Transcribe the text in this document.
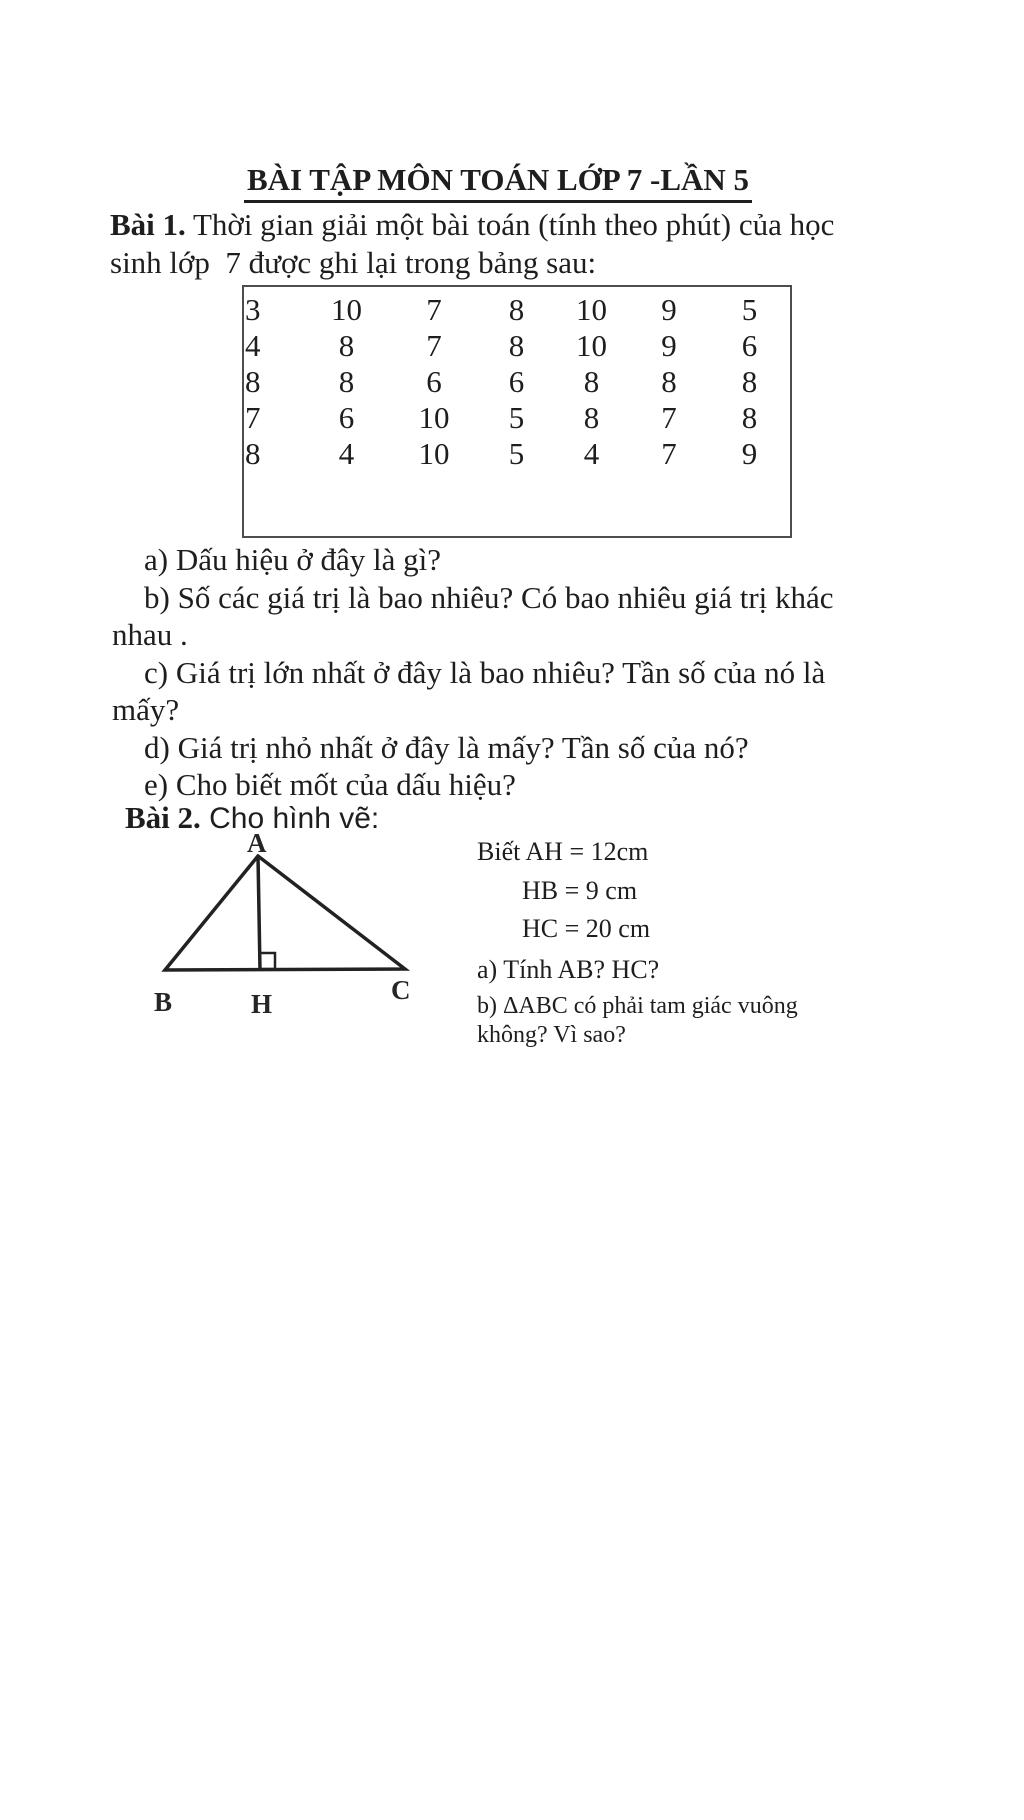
BÀI TẬP MÔN TOÁN LỚP 7 -LẦN 5
Bài 1. Thời gian giải một bài toán (tính theo phút) của học
sinh lớp  7 được ghi lại trong bảng sau:
3	10	7	8	10	9	5
4	8	7	8	10	9	6
8	8	6	6	8	8	8
7	6	10	5	8	7	8
8	4	10	5	4	7	9
a) Dấu hiệu ở đây là gì?
b) Số các giá trị là bao nhiêu? Có bao nhiêu giá trị khác
nhau .
c) Giá trị lớn nhất ở đây là bao nhiêu? Tần số của nó là
mấy?
d) Giá trị nhỏ nhất ở đây là mấy? Tần số của nó?
e) Cho biết mốt của dấu hiệu?
Bài 2. Cho hình vẽ:
A
B	H	C
Biết AH = 12cm
HB = 9 cm
HC = 20 cm
a) Tính AB? HC?
b) ΔABC có phải tam giác vuông
không? Vì sao?
